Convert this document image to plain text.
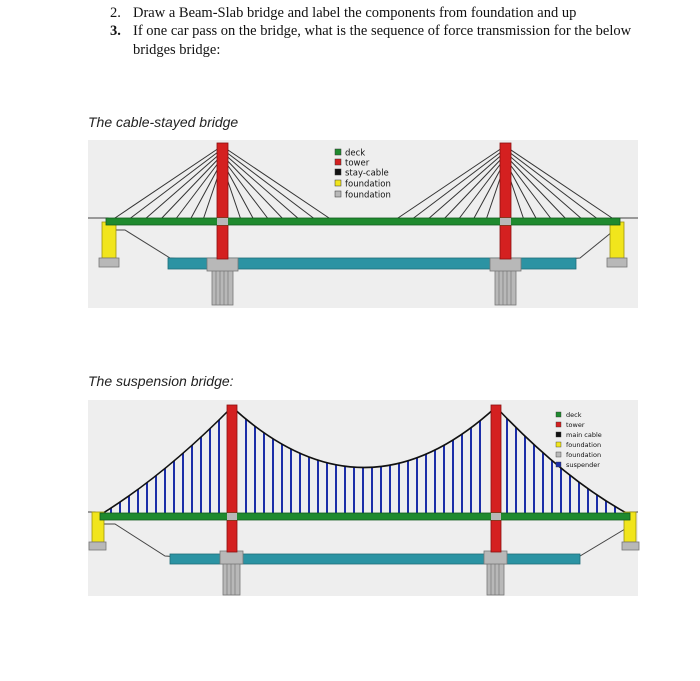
2. Draw a Beam-Slab bridge and label the components from foundation and up
3. If one car pass on the bridge, what is the sequence of force transmission for the below
bridges bridge:
The cable-stayed bridge
The suspension bridge:
deck
tower
stay-cable
foundation
foundation
deck
tower
main cable
foundation
foundation
suspender
